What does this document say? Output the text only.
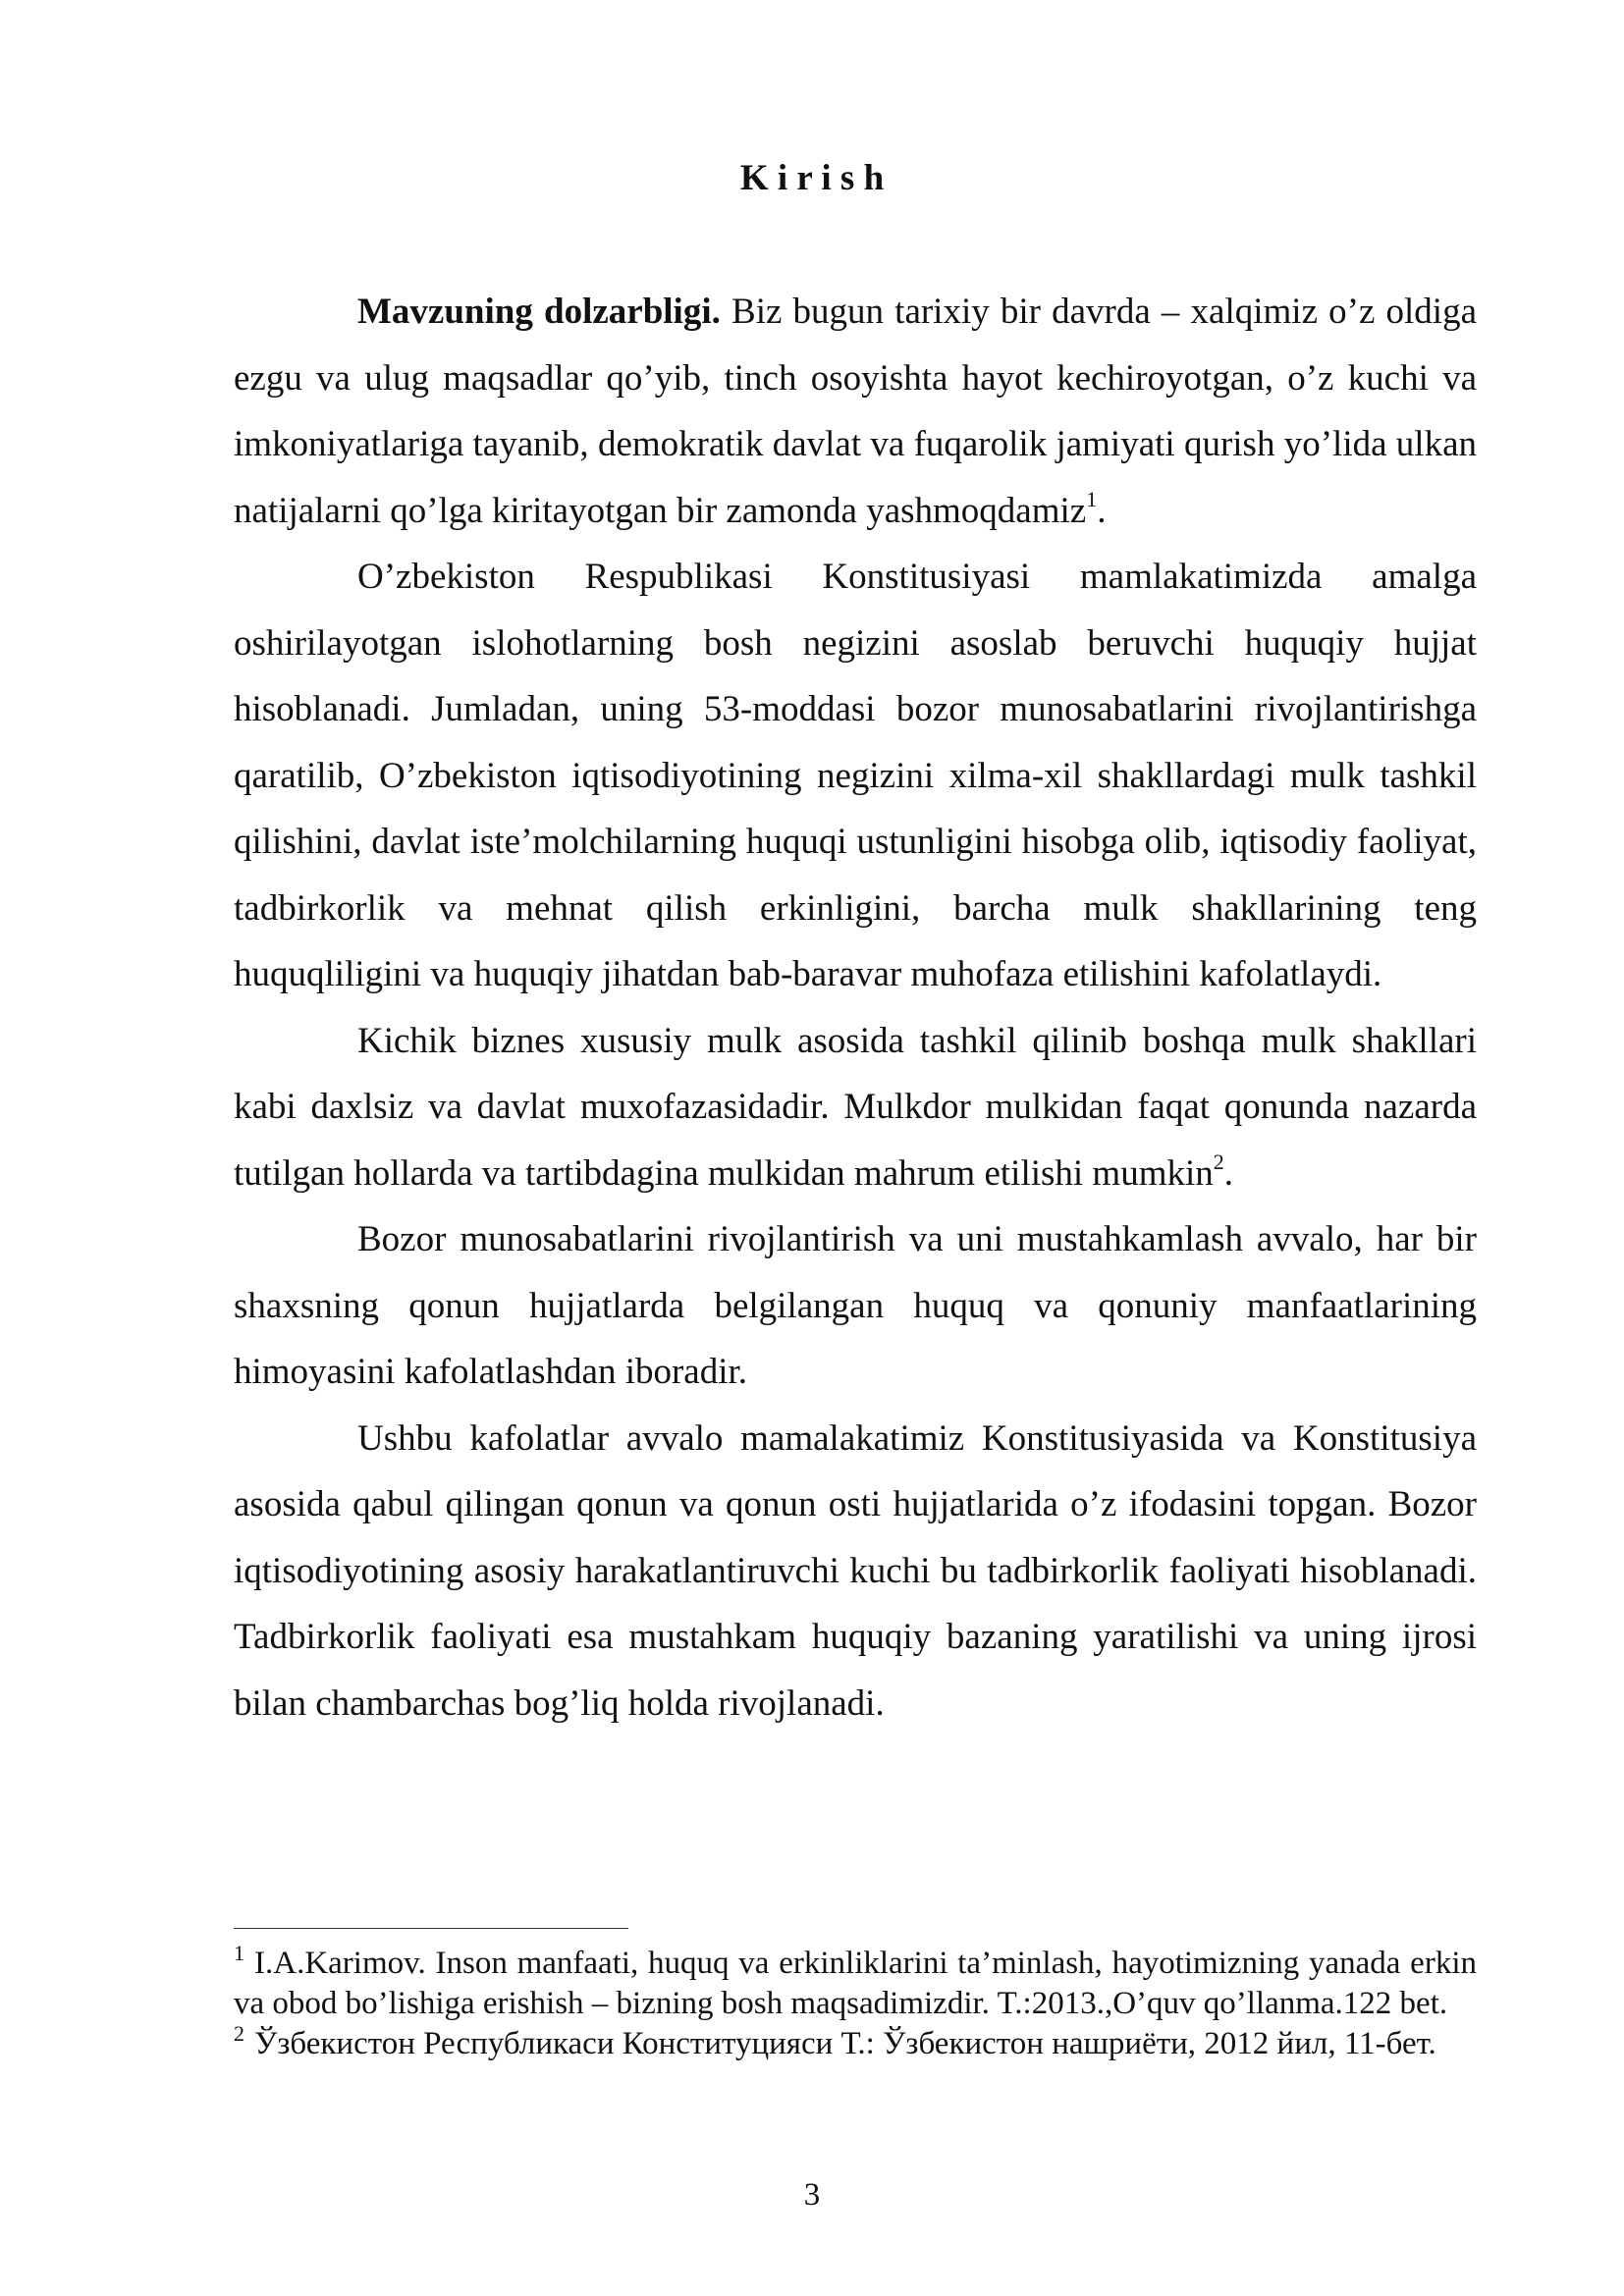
K i r i s h

Mavzuning dolzarbligi. Biz bugun tarixiy bir davrda – xalqimiz o’z oldiga ezgu va ulug maqsadlar qo’yib, tinch osoyishta hayot kechiroyotgan, o’z kuchi va imkoniyatlariga tayanib, demokratik davlat va fuqarolik jamiyati qurish yo’lida ulkan natijalarni qo’lga kiritayotgan bir zamonda yashmoqdamiz$^1$.

O’zbekiston Respublikasi Konstitusiyasi mamlakatimizda amalga oshirilayotgan islohotlarning bosh negizini asoslab beruvchi huquqiy hujjat hisoblanadi. Jumladan, uning 53-moddasi bozor munosabatlarini rivojlantirishga qaratilib, O’zbekiston iqtisodiyotining negizini xilma-xil shakllardagi mulk tashkil qilishini, davlat iste’molchilarning huquqi ustunligini hisobga olib, iqtisodiy faoliyat, tadbirkorlik va mehnat qilish erkinligini, barcha mulk shakllarining teng huquqliligini va huquqiy jihatdan bab-baravar muhofaza etilishini kafolatlaydi.

Kichik biznes xususiy mulk asosida tashkil qilinib boshqa mulk shakllari kabi daxlsiz va davlat muxofazasidadir. Mulkdor mulkidan faqat qonunda nazarda tutilgan hollarda va tartibdagina mulkidan mahrum etilishi mumkin$^2$.

Bozor munosabatlarini rivojlantirish va uni mustahkamlash avvalo, har bir shaxsning qonun hujjatlarda belgilangan huquq va qonuniy manfaatlarining himoyasini kafolatlashdan iboradir.

Ushbu kafolatlar avvalo mamalakatimiz Konstitusiyasida va Konstitusiya asosida qabul qilingan qonun va qonun osti hujjatlarida o’z ifodasini topgan. Bozor iqtisodiyotining asosiy harakatlantiruvchi kuchi bu tadbirkorlik faoliyati hisoblanadi. Tadbirkorlik faoliyati esa mustahkam huquqiy bazaning yaratilishi va uning ijrosi bilan chambarchas bog’liq holda rivojlanadi.

$^1$ I.A.Karimov. Inson manfaati, huquq va erkinliklarini ta’minlash, hayotimizning yanada erkin va obod bo’lishiga erishish – bizning bosh maqsadimizdir. T.:2013.,O’quv qo’llanma.122 bet.

$^2$ Ўзбекистон Республикаси Конституцияси Т.: Ўзбекистон нашриёти, 2012 йил, 11-бет.

3
